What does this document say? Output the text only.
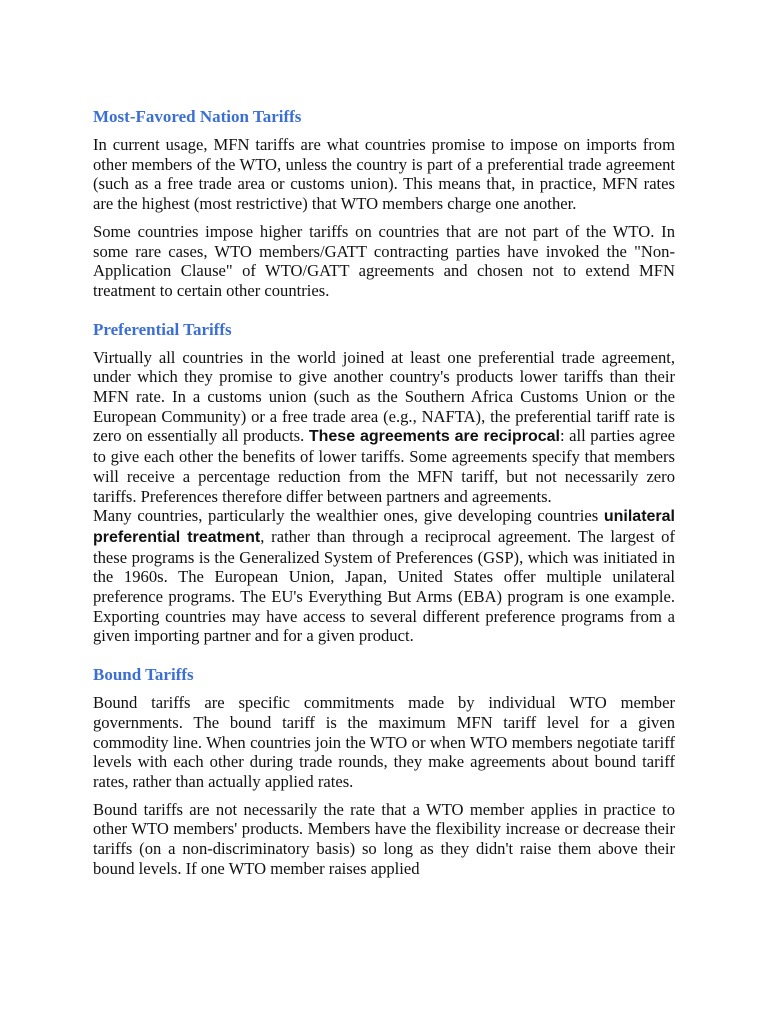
Most-Favored Nation Tariffs

In current usage, MFN tariffs are what countries promise to impose on imports from other members of the WTO, unless the country is part of a preferential trade agreement (such as a free trade area or customs union). This means that, in practice, MFN rates are the highest (most restrictive) that WTO members charge one another.

Some countries impose higher tariffs on countries that are not part of the WTO. In some rare cases, WTO members/GATT contracting parties have invoked the "Non-Application Clause" of WTO/GATT agreements and chosen not to extend MFN treatment to certain other countries.

Preferential Tariffs

Virtually all countries in the world joined at least one preferential trade agreement, under which they promise to give another country's products lower tariffs than their MFN rate. In a customs union (such as the Southern Africa Customs Union or the European Community) or a free trade area (e.g., NAFTA), the preferential tariff rate is zero on essentially all products. These agreements are reciprocal: all parties agree to give each other the benefits of lower tariffs. Some agreements specify that members will receive a percentage reduction from the MFN tariff, but not necessarily zero tariffs. Preferences therefore differ between partners and agreements.

Many countries, particularly the wealthier ones, give developing countries unilateral preferential treatment, rather than through a reciprocal agreement. The largest of these programs is the Generalized System of Preferences (GSP), which was initiated in the 1960s. The European Union, Japan, United States offer multiple unilateral preference programs. The EU's Everything But Arms (EBA) program is one example. Exporting countries may have access to several different preference programs from a given importing partner and for a given product.

Bound Tariffs

Bound tariffs are specific commitments made by individual WTO member governments. The bound tariff is the maximum MFN tariff level for a given commodity line. When countries join the WTO or when WTO members negotiate tariff levels with each other during trade rounds, they make agreements about bound tariff rates, rather than actually applied rates.

Bound tariffs are not necessarily the rate that a WTO member applies in practice to other WTO members' products. Members have the flexibility increase or decrease their tariffs (on a non-discriminatory basis) so long as they didn't raise them above their bound levels. If one WTO member raises applied
